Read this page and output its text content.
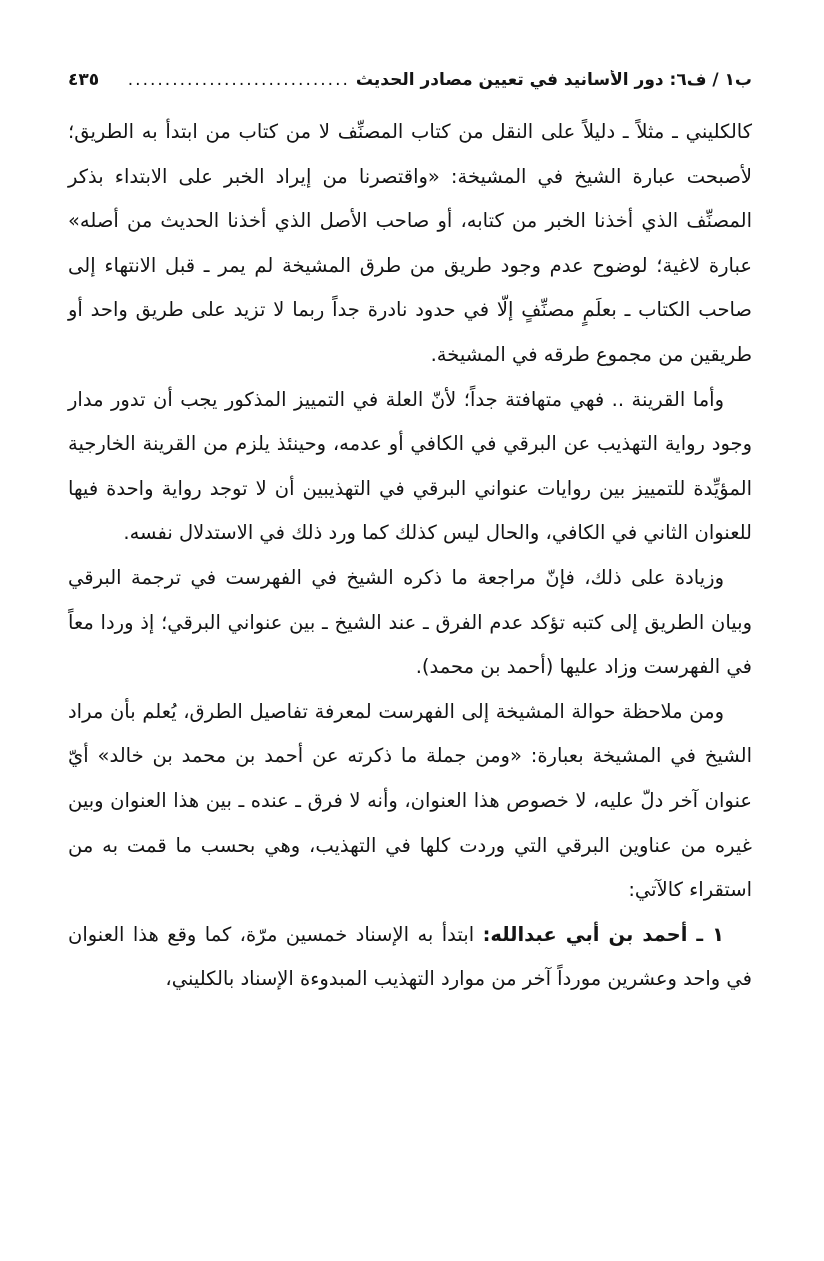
ب١ / ف٦: دور الأسانيد في تعيين مصادر الحديث
..............................
٤٣٥

كالكليني ـ مثلاً ـ دليلاً على النقل من كتاب المصنِّف لا من كتاب من ابتدأ به الطريق؛ لأصبحت عبارة الشيخ في المشيخة: «واقتصرنا من إيراد الخبر على الابتداء بذكر المصنِّف الذي أخذنا الخبر من كتابه، أو صاحب الأصل الذي أخذنا الحديث من أصله» عبارة لاغية؛ لوضوح عدم وجود طريق من طرق المشيخة لم يمر ـ قبل الانتهاء إلى صاحب الكتاب ـ بعلَمٍ مصنِّفٍ إلّا في حدود نادرة جداً ربما لا تزيد على طريق واحد أو طريقين من مجموع طرقه في المشيخة.

وأما القرينة .. فهي متهافتة جداً؛ لأنّ العلة في التمييز المذكور يجب أن تدور مدار وجود رواية التهذيب عن البرقي في الكافي أو عدمه، وحينئذ يلزم من القرينة الخارجية المؤيِّدة للتمييز بين روايات عنواني البرقي في التهذيبين أن لا توجد رواية واحدة فيها للعنوان الثاني في الكافي، والحال ليس كذلك كما ورد ذلك في الاستدلال نفسه.

وزيادة على ذلك، فإنّ مراجعة ما ذكره الشيخ في الفهرست في ترجمة البرقي وبيان الطريق إلى كتبه تؤكد عدم الفرق ـ عند الشيخ ـ بين عنواني البرقي؛ إذ وردا معاً في الفهرست وزاد عليها (أحمد بن محمد).

ومن ملاحظة حوالة المشيخة إلى الفهرست لمعرفة تفاصيل الطرق، يُعلم بأن مراد الشيخ في المشيخة بعبارة: «ومن جملة ما ذكرته عن أحمد بن محمد بن خالد» أيّ عنوان آخر دلّ عليه، لا خصوص هذا العنوان، وأنه لا فرق ـ عنده ـ بين هذا العنوان وبين غيره من عناوين البرقي التي وردت كلها في التهذيب، وهي بحسب ما قمت به من استقراء كالآتي:

١ ـ أحمد بن أبي عبدالله: ابتدأ به الإسناد خمسين مرّة، كما وقع هذا العنوان في واحد وعشرين مورداً آخر من موارد التهذيب المبدوءة الإسناد بالكليني،
